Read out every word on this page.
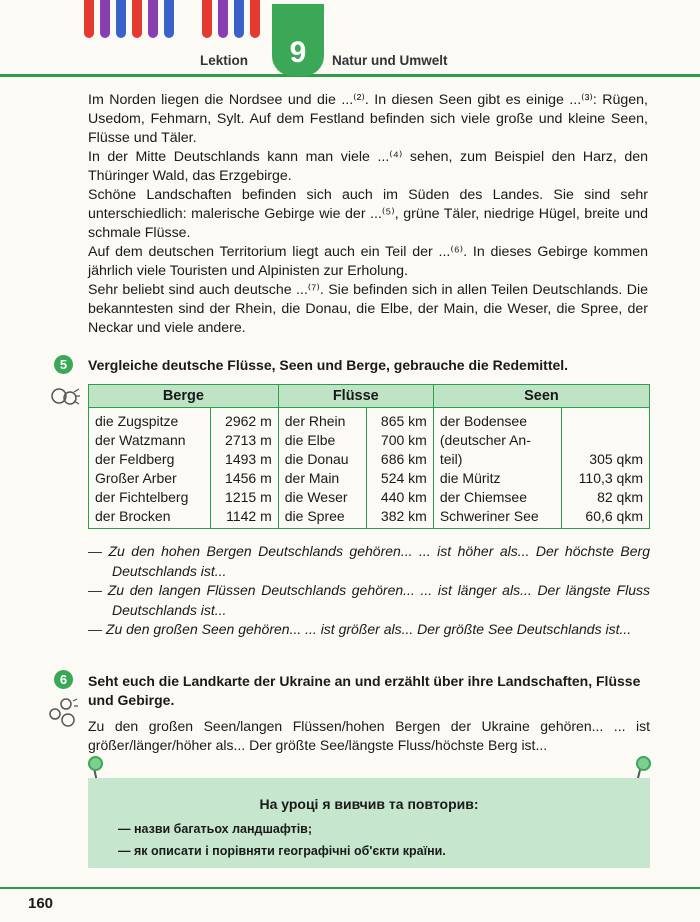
9
Lektion	Natur und Umwelt

Im Norden liegen die Nordsee und die ...⁽²⁾. In diesen Seen gibt es einige ...⁽³⁾: Rügen, Usedom, Fehmarn, Sylt. Auf dem Festland befinden sich viele große und kleine Seen, Flüsse und Täler.

In der Mitte Deutschlands kann man viele ...⁽⁴⁾ sehen, zum Beispiel den Harz, den Thüringer Wald, das Erzgebirge.

Schöne Landschaften befinden sich auch im Süden des Landes. Sie sind sehr unterschiedlich: malerische Gebirge wie der ...⁽⁵⁾, grüne Täler, niedrige Hügel, breite und schmale Flüsse.

Auf dem deutschen Territorium liegt auch ein Teil der ...⁽⁶⁾. In dieses Gebirge kommen jährlich viele Touristen und Alpinisten zur Erholung.

Sehr beliebt sind auch deutsche ...⁽⁷⁾. Sie befinden sich in allen Teilen Deutschlands. Die bekanntesten sind der Rhein, die Donau, die Elbe, der Main, die Weser, die Spree, der Neckar und viele andere.

5	Vergleiche deutsche Flüsse, Seen und Berge, gebrauche die Redemittel.
Berge		Flüsse		Seen	
die Zugspitze	2962 m	der Rhein	865 km	der Bodensee	
der Watzmann	2713 m	die Elbe	700 km	(deutscher An-	
der Feldberg	1493 m	die Donau	686 km	teil)	305 qkm
Großer Arber	1456 m	der Main	524 km	die Müritz	110,3 qkm
der Fichtelberg	1215 m	die Weser	440 km	der Chiemsee	82 qkm
der Brocken	1142 m	die Spree	382 km	Schweriner See	60,6 qkm

— Zu den hohen Bergen Deutschlands gehören... ... ist höher als... Der höchste Berg Deutschlands ist...

— Zu den langen Flüssen Deutschlands gehören... ... ist länger als... Der längste Fluss Deutschlands ist...

— Zu den großen Seen gehören... ... ist größer als... Der größte See Deutschlands ist...

6	Seht euch die Landkarte der Ukraine an und erzählt über ihre Landschaften, Flüsse und Gebirge.
Zu den großen Seen/langen Flüssen/hohen Bergen der Ukraine gehören... ... ist größer/länger/höher als... Der größte See/längste Fluss/höchste Berg ist...
На уроці я вивчив та повторив:
— назви багатьох ландшафтів;
— як описати і порівняти географічні об'єкти країни.
160
